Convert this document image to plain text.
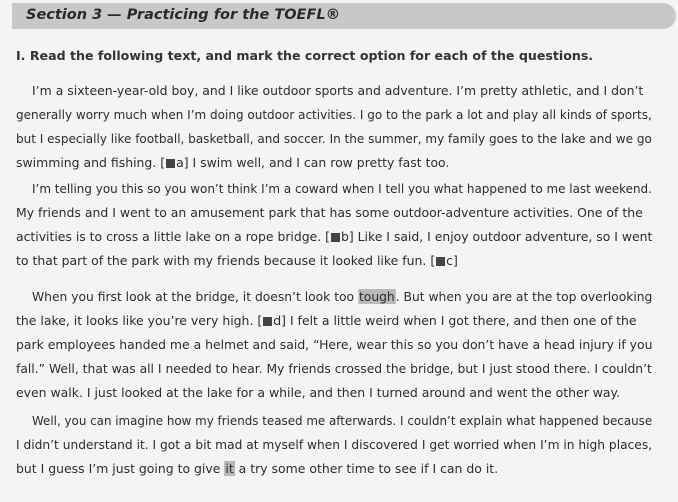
Section 3 — Practicing for the TOEFL®
I. Read the following text, and mark the correct option for each of the questions.
I’m a sixteen-year-old boy, and I like outdoor sports and adventure. I’m pretty athletic, and I don’t
generally worry much when I’m doing outdoor activities. I go to the park a lot and play all kinds of sports,
but I especially like football, basketball, and soccer. In the summer, my family goes to the lake and we go
swimming and fishing. [ a] I swim well, and I can row pretty fast too.
I’m telling you this so you won’t think I’m a coward when I tell you what happened to me last weekend.
My friends and I went to an amusement park that has some outdoor-adventure activities. One of the
activities is to cross a little lake on a rope bridge. [ b] Like I said, I enjoy outdoor adventure, so I went
to that part of the park with my friends because it looked like fun. [ c]
When you first look at the bridge, it doesn’t look too tough. But when you are at the top overlooking
the lake, it looks like you’re very high. [ d] I felt a little weird when I got there, and then one of the
park employees handed me a helmet and said, “Here, wear this so you don’t have a head injury if you
fall.” Well, that was all I needed to hear. My friends crossed the bridge, but I just stood there. I couldn’t
even walk. I just looked at the lake for a while, and then I turned around and went the other way.
Well, you can imagine how my friends teased me afterwards. I couldn’t explain what happened because
I didn’t understand it. I got a bit mad at myself when I discovered I get worried when I’m in high places,
but I guess I’m just going to give it a try some other time to see if I can do it.
